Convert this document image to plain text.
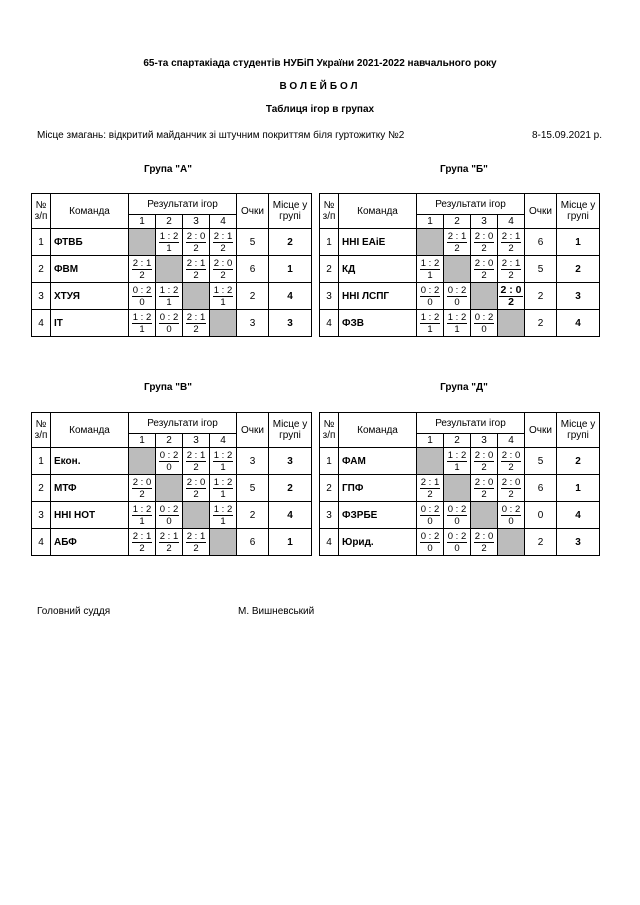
65-та спартакіада студентів НУБіП України 2021-2022 навчального року
ВОЛЕЙБОЛ
Таблиця ігор в групах
Місце змагань: відкритий майданчик зі штучним покриттям біля гуртожитку №2	8-15.09.2021 р.
Група "А"	Група "Б"
Група "В"	Група "Д"
№ з/п	Команда	Результати ігор				Очки	Місце у групі
		1	2	3	4		
1	ФТВБ		$\frac{1 : 2}{1}$	$\frac{2 : 0}{2}$	$\frac{2 : 1}{2}$	5	2
2	ФВМ	$\frac{2 : 1}{2}$		$\frac{2 : 1}{2}$	$\frac{2 : 0}{2}$	6	1
3	ХТУЯ	$\frac{0 : 2}{0}$	$\frac{1 : 2}{1}$		$\frac{1 : 2}{1}$	2	4
4	ІТ	$\frac{1 : 2}{1}$	$\frac{0 : 2}{0}$	$\frac{2 : 1}{2}$		3	3
№ з/п	Команда	Результати ігор				Очки	Місце у групі
		1	2	3	4		
1	ННІ ЕАіЕ		$\frac{2 : 1}{2}$	$\frac{2 : 0}{2}$	$\frac{2 : 1}{2}$	6	1
2	КД	$\frac{1 : 2}{1}$		$\frac{2 : 0}{2}$	$\frac{2 : 1}{2}$	5	2
3	ННІ ЛСПГ	$\frac{0 : 2}{0}$	$\frac{0 : 2}{0}$		$\frac{2 : 0}{2}$	2	3
4	ФЗВ	$\frac{1 : 2}{1}$	$\frac{1 : 2}{1}$	$\frac{0 : 2}{0}$		2	4
№ з/п	Команда	Результати ігор				Очки	Місце у групі
		1	2	3	4		
1	Екон.		$\frac{0 : 2}{0}$	$\frac{2 : 1}{2}$	$\frac{1 : 2}{1}$	3	3
2	МТФ	$\frac{2 : 0}{2}$		$\frac{2 : 0}{2}$	$\frac{1 : 2}{1}$	5	2
3	ННІ НОТ	$\frac{1 : 2}{1}$	$\frac{0 : 2}{0}$		$\frac{1 : 2}{1}$	2	4
4	АБФ	$\frac{2 : 1}{2}$	$\frac{2 : 1}{2}$	$\frac{2 : 1}{2}$		6	1
№ з/п	Команда	Результати ігор				Очки	Місце у групі
		1	2	3	4		
1	ФАМ		$\frac{1 : 2}{1}$	$\frac{2 : 0}{2}$	$\frac{2 : 0}{2}$	5	2
2	ГПФ	$\frac{2 : 1}{2}$		$\frac{2 : 0}{2}$	$\frac{2 : 0}{2}$	6	1
3	ФЗРБЕ	$\frac{0 : 2}{0}$	$\frac{0 : 2}{0}$		$\frac{0 : 2}{0}$	0	4
4	Юрид.	$\frac{0 : 2}{0}$	$\frac{0 : 2}{0}$	$\frac{2 : 0}{2}$		2	3
Головний суддя	М. Вишневський
